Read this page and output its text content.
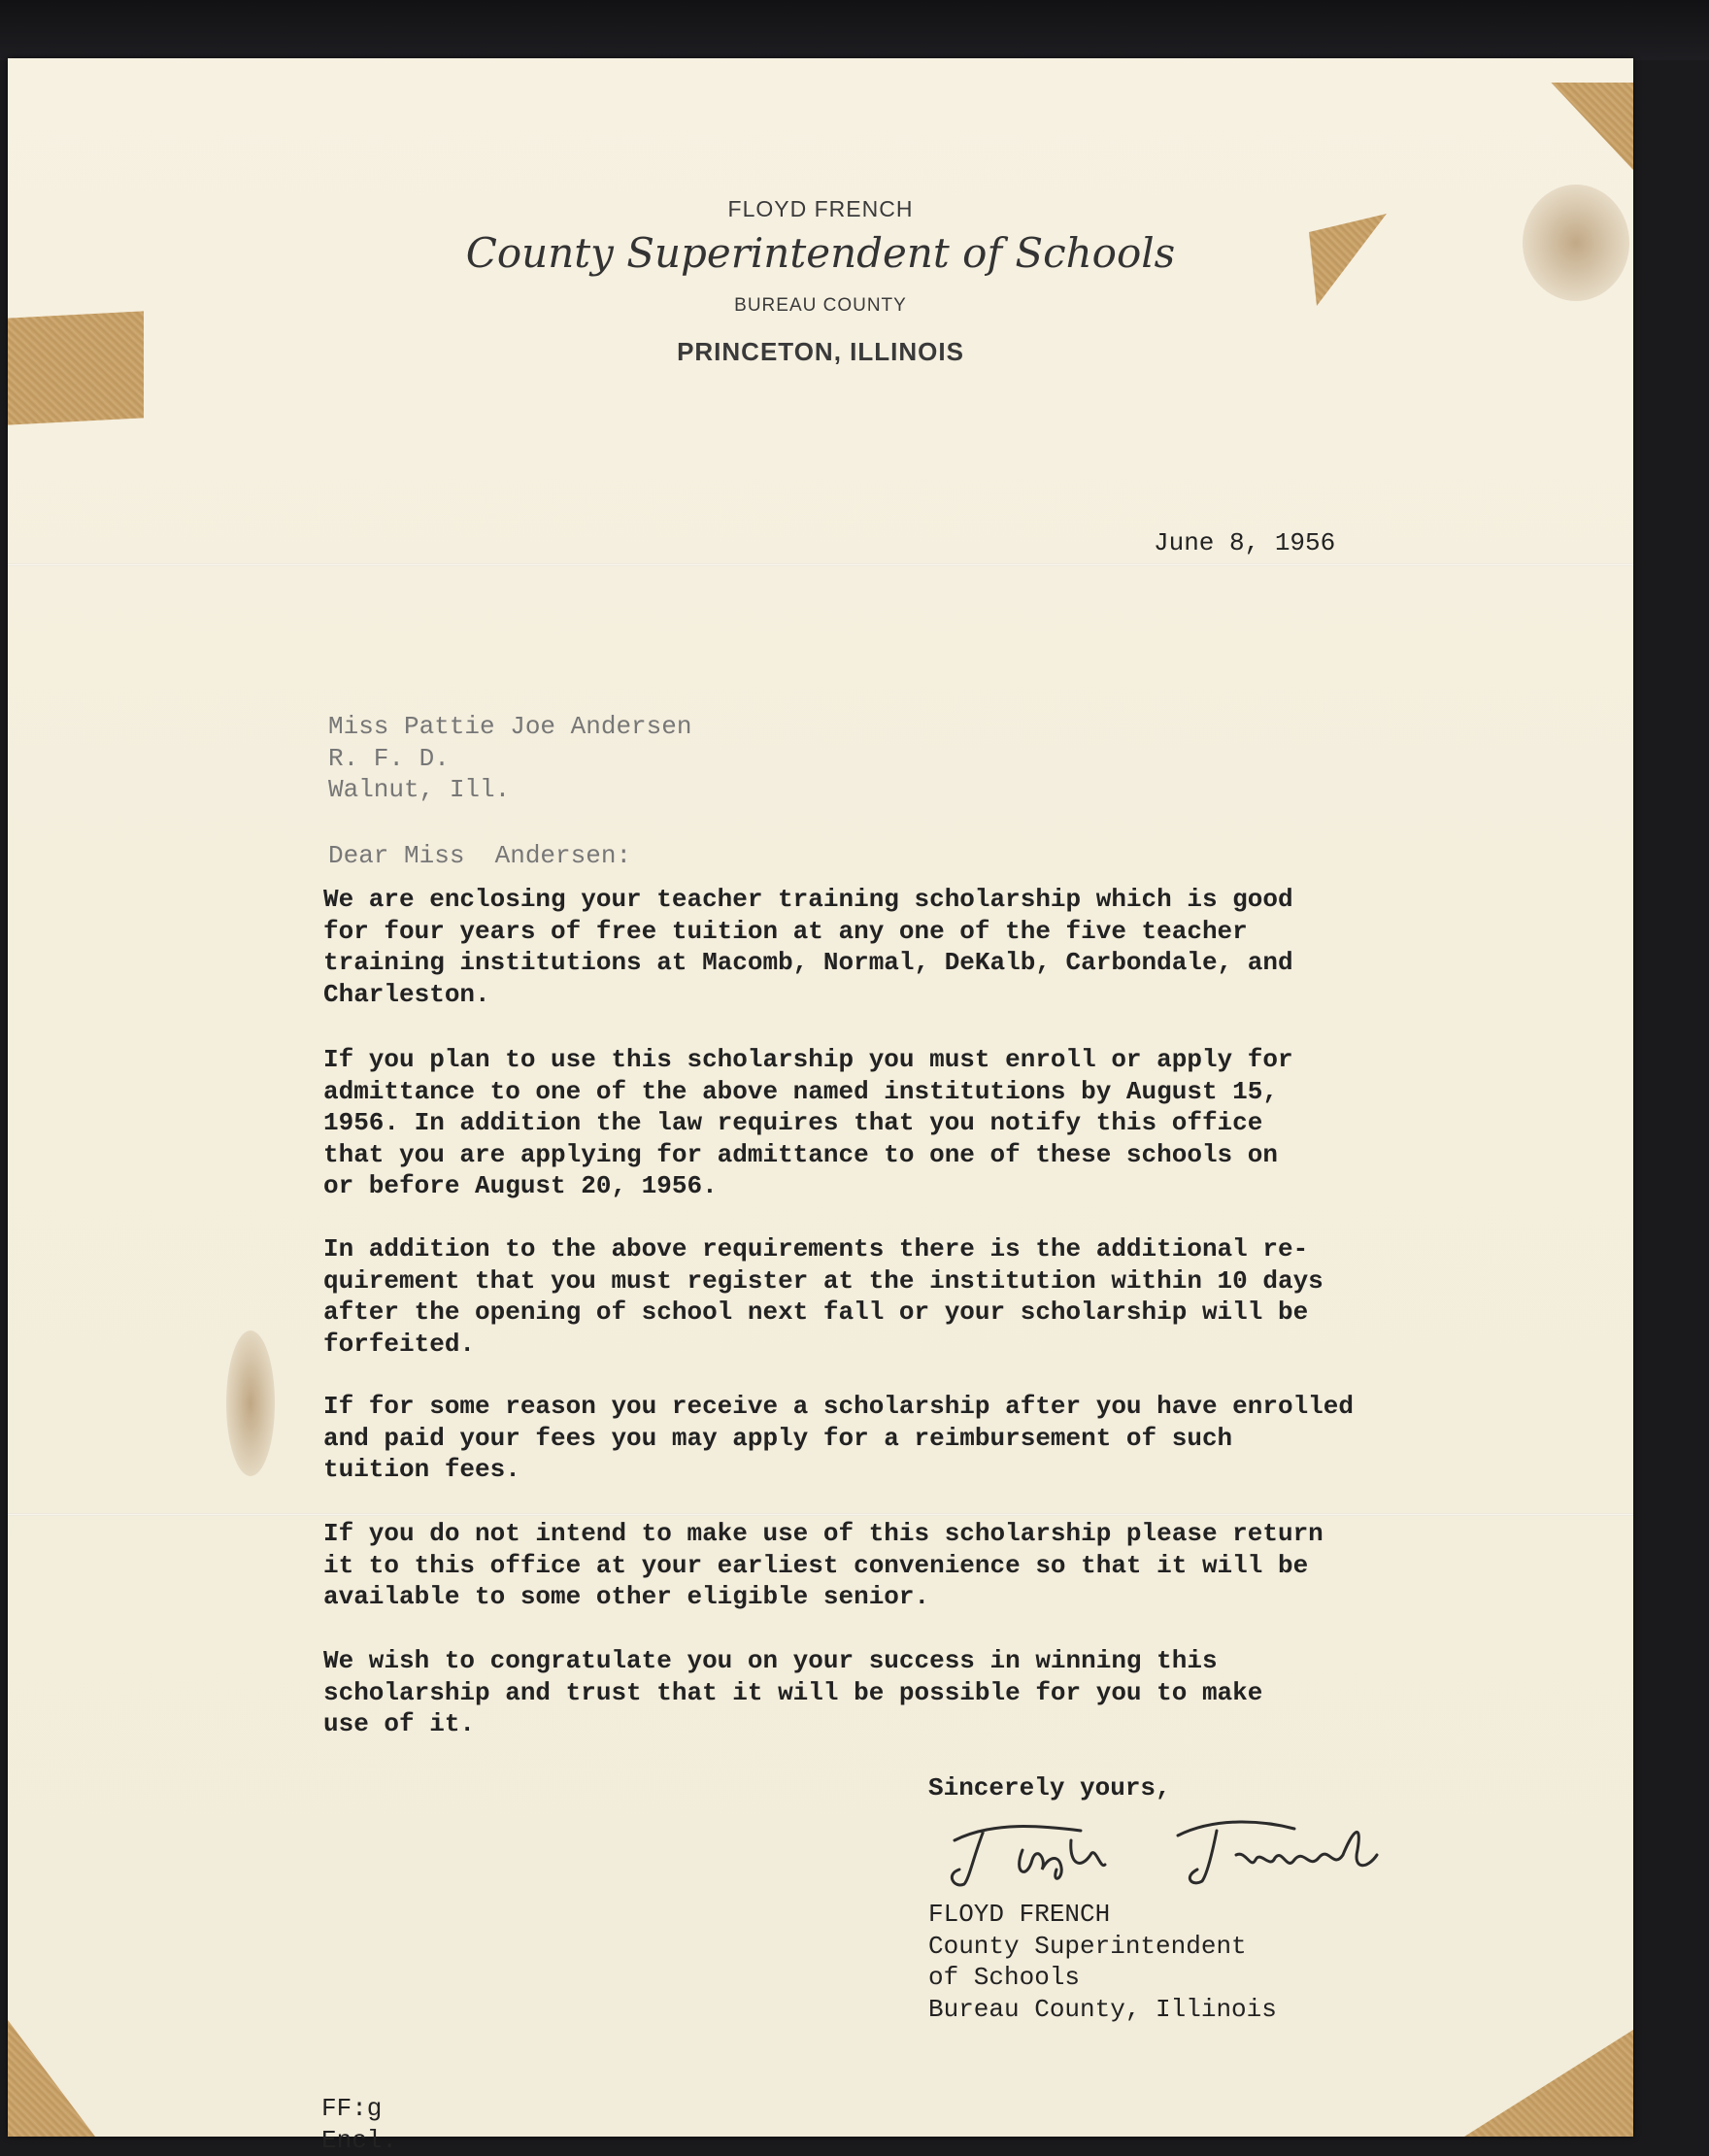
FLOYD FRENCH
County Superintendent of Schools
BUREAU COUNTY
PRINCETON, ILLINOIS
June 8, 1956
Miss Pattie Joe Andersen
R. F. D.
Walnut, Ill.
Dear Miss  Andersen:
We are enclosing your teacher training scholarship which is good
for four years of free tuition at any one of the five teacher
training institutions at Macomb, Normal, DeKalb, Carbondale, and
Charleston.
If you plan to use this scholarship you must enroll or apply for
admittance to one of the above named institutions by August 15,
1956. In addition the law requires that you notify this office
that you are applying for admittance to one of these schools on
or before August 20, 1956.
In addition to the above requirements there is the additional re-
quirement that you must register at the institution within 10 days
after the opening of school next fall or your scholarship will be
forfeited.
If for some reason you receive a scholarship after you have enrolled
and paid your fees you may apply for a reimbursement of such
tuition fees.
If you do not intend to make use of this scholarship please return
it to this office at your earliest convenience so that it will be
available to some other eligible senior.
We wish to congratulate you on your success in winning this
scholarship and trust that it will be possible for you to make
use of it.
Sincerely yours,
FLOYD FRENCH
County Superintendent
of Schools
Bureau County, Illinois
FF:g
Encl.
